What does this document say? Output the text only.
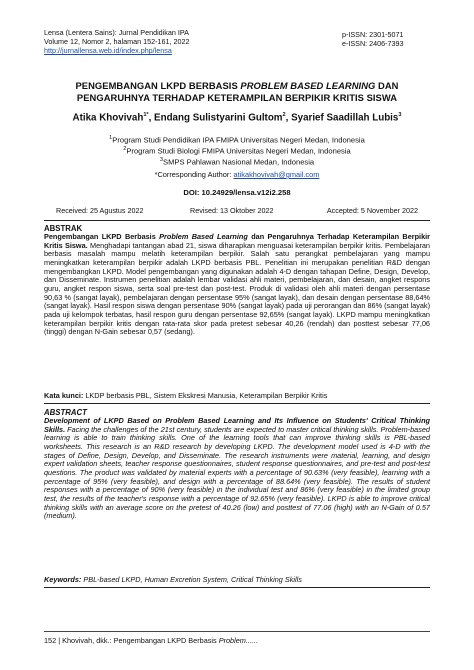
Lensa (Lentera Sains): Jurnal Pendidikan IPA
Volume 12, Nomor 2, halaman 152-161, 2022
http://jurnallensa.web.id/index.php/lensa
p-ISSN: 2301-5071
e-ISSN: 2406-7393
PENGEMBANGAN LKPD BERBASIS PROBLEM BASED LEARNING DAN
PENGARUHNYA TERHADAP KETERAMPILAN BERPIKIR KRITIS SISWA
Atika Khovivah$^{1*}$, Endang Sulistyarini Gultom$^2$, Syarief Saadillah Lubis$^3$
$^1$Program Studi Pendidikan IPA FMIPA Universitas Negeri Medan, Indonesia
$^2$Program Studi Biologi FMIPA Universitas Negeri Medan, Indonesia
$^3$SMPS Pahlawan Nasional Medan, Indonesia
*Corresponding Author: atikakhovivah@gmail.com
DOI: 10.24929/lensa.v12i2.258
Received: 25 Agustus 2022	Revised: 13 Oktober 2022	Accepted: 5 November 2022
ABSTRAK
Pengembangan LKPD Berbasis Problem Based Learning dan Pengaruhnya Terhadap Keterampilan Berpikir Kritis Siswa. Menghadapi tantangan abad 21, siswa diharapkan menguasai keterampilan berpikir kritis. Pembelajaran berbasis masalah mampu melatih keterampilan berpikir. Salah satu perangkat pembelajaran yang mampu meningkatkan keterampilan berpikir adalah LKPD berbasis PBL. Penelitian ini merupakan penelitian R&D dengan mengembangkan LKPD. Model pengembangan yang digunakan adalah 4-D dengan tahapan Define, Design, Develop, dan Disseminate. Instrumen penelitian adalah lembar validasi ahli materi, pembelajaran, dan desain, angket respons guru, angket respon siswa, serta soal pre-test dan post-test. Produk di validasi oleh ahli materi dengan persentase 90,63 % (sangat layak), pembelajaran dengan persentase 95% (sangat layak), dan desain dengan persentase 88,64% (sangat layak). Hasil respon siswa dengan persentase 90% (sangat layak) pada uji perorangan dan 86% (sangat layak) pada uji kelompok terbatas, hasil respon guru dengan persentase 92,65% (sangat layak). LKPD mampu meningkatkan keterampilan berpikir kritis dengan rata-rata skor pada pretest sebesar 40,26 (rendah) dan posttest sebesar 77,06 (tinggi) dengan N-Gain sebesar 0,57 (sedang).
Kata kunci: LKDP berbasis PBL, Sistem Ekskresi Manusia, Keterampilan Berpikir Kritis
ABSTRACT
Development of LKPD Based on Problem Based Learning and Its Influence on Students' Critical Thinking Skills. Facing the challenges of the 21st century, students are expected to master critical thinking skills. Problem-based learning is able to train thinking skills. One of the learning tools that can improve thinking skills is PBL-based worksheets. This research is an R&D research by developing LKPD. The development model used is 4-D with the stages of Define, Design, Develop, and Disseminate. The research instruments were material, learning, and design expert validation sheets, teacher response questionnaires, student response questionnaires, and pre-test and post-test questions. The product was validated by material experts with a percentage of 90.63% (very feasible), learning with a percentage of 95% (very feasible), and design with a percentage of 88.64% (very feasible). The results of student responses with a percentage of 90% (very feasible) in the individual test and 86% (very feasible) in the limited group test, the results of the teacher's response with a percentage of 92.65% (very feasible). LKPD is able to improve critical thinking skills with an average score on the pretest of 40.26 (low) and posttest of 77.06 (high) with an N-Gain of 0.57 (medium).
Keywords: PBL-based LKPD, Human Excretion System, Critical Thinking Skills
152 | Khovivah, dkk.: Pengembangan LKPD Berbasis Problem......
